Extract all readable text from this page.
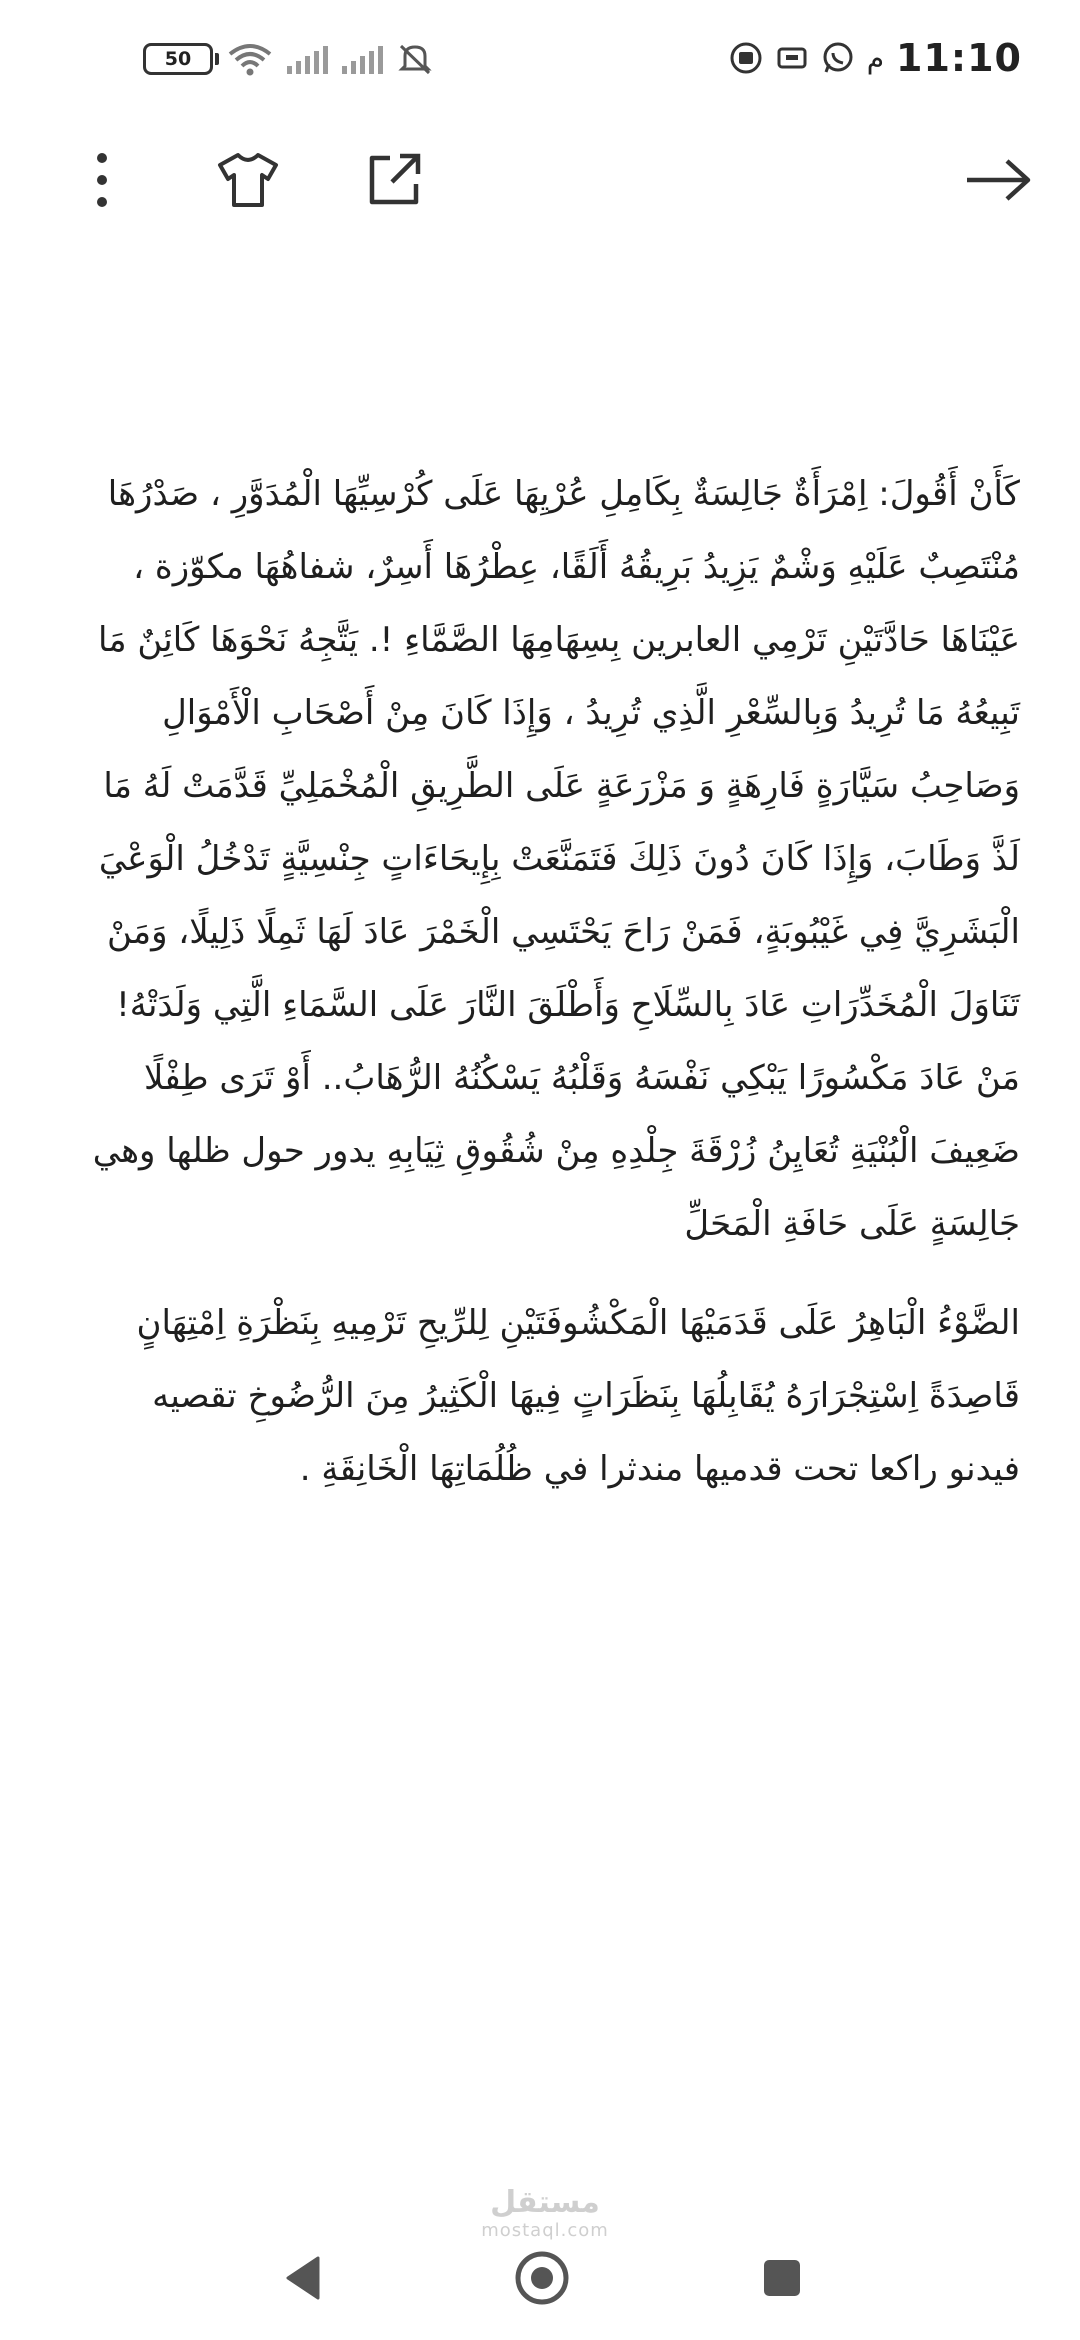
50	م 11:10

كَأَنْ أَقُولَ: اِمْرَأَةٌ جَالِسَةٌ بِكَامِلِ عُرْيِهَا عَلَى كُرْسِيِّهَا الْمُدَوَّرِ ، صَدْرُهَا مُنْتَصِبٌ عَلَيْهِ وَشْمٌ يَزِيدُ بَرِيقُهُ أَلَقًا، عِطْرُهَا أَسِرٌ، شفاهُهَا مكوّزة ، عَيْنَاهَا حَادَّتَيْنِ تَرْمِي العابرين بِسِهَامِهَا الصَّمَّاءِ !. يَتَّجِهُ نَحْوَهَا كَائِنٌ مَا تَبِيعُهُ مَا تُرِيدُ وَبِالسِّعْرِ الَّذِي تُرِيدُ ، وَإِذَا كَانَ مِنْ أَصْحَابِ الْأَمْوَالِ وَصَاحِبُ سَيَّارَةٍ فَارِهَةٍ وَ مَزْرَعَةٍ عَلَى الطَّرِيقِ الْمُخْمَلِيِّ قَدَّمَتْ لَهُ مَا لَذَّ وَطَابَ، وَإِذَا كَانَ دُونَ ذَلِكَ فَتَمَنَّعَتْ بِإِيحَاءَاتٍ جِنْسِيَّةٍ تَدْخُلُ الْوَعْيَ الْبَشَرِيَّ فِي غَيْبُوبَةٍ، فَمَنْ رَاحَ يَحْتَسِي الْخَمْرَ عَادَ لَهَا ثَمِلًا ذَلِيلًا، وَمَنْ تَنَاوَلَ الْمُخَدِّرَاتِ عَادَ بِالسِّلَاحِ وَأَطْلَقَ النَّارَ عَلَى السَّمَاءِ الَّتِي وَلَدَتْهُ! مَنْ عَادَ مَكْسُورًا يَبْكِي نَفْسَهُ وَقَلْبُهُ يَسْكُنُهُ الرُّهَابُ.. أَوْ تَرَى طِفْلًا ضَعِيفَ الْبُنْيَةِ تُعَايِنُ زُرْقَةَ جِلْدِهِ مِنْ شُقُوقِ ثِيَابِهِ يدور حول ظلها وهي جَالِسَةٍ عَلَى حَافَةِ الْمَحَلِّ

الضَّوْءُ الْبَاهِرُ عَلَى قَدَمَيْهَا الْمَكْشُوفَتَيْنِ لِلرِّيحِ تَرْمِيهِ بِنَظْرَةِ اِمْتِهَانٍ قَاصِدَةً اِسْتِجْرَارَهُ يُقَابِلُهَا بِنَظَرَاتٍ فِيهَا الْكَثِيرُ مِنَ الرُّضُوخِ تقصيه فيدنو راكعا تحت قدميها مندثرا في ظُلُمَاتِهَا الْخَانِقَةِ .

مستقل
mostaql.com
